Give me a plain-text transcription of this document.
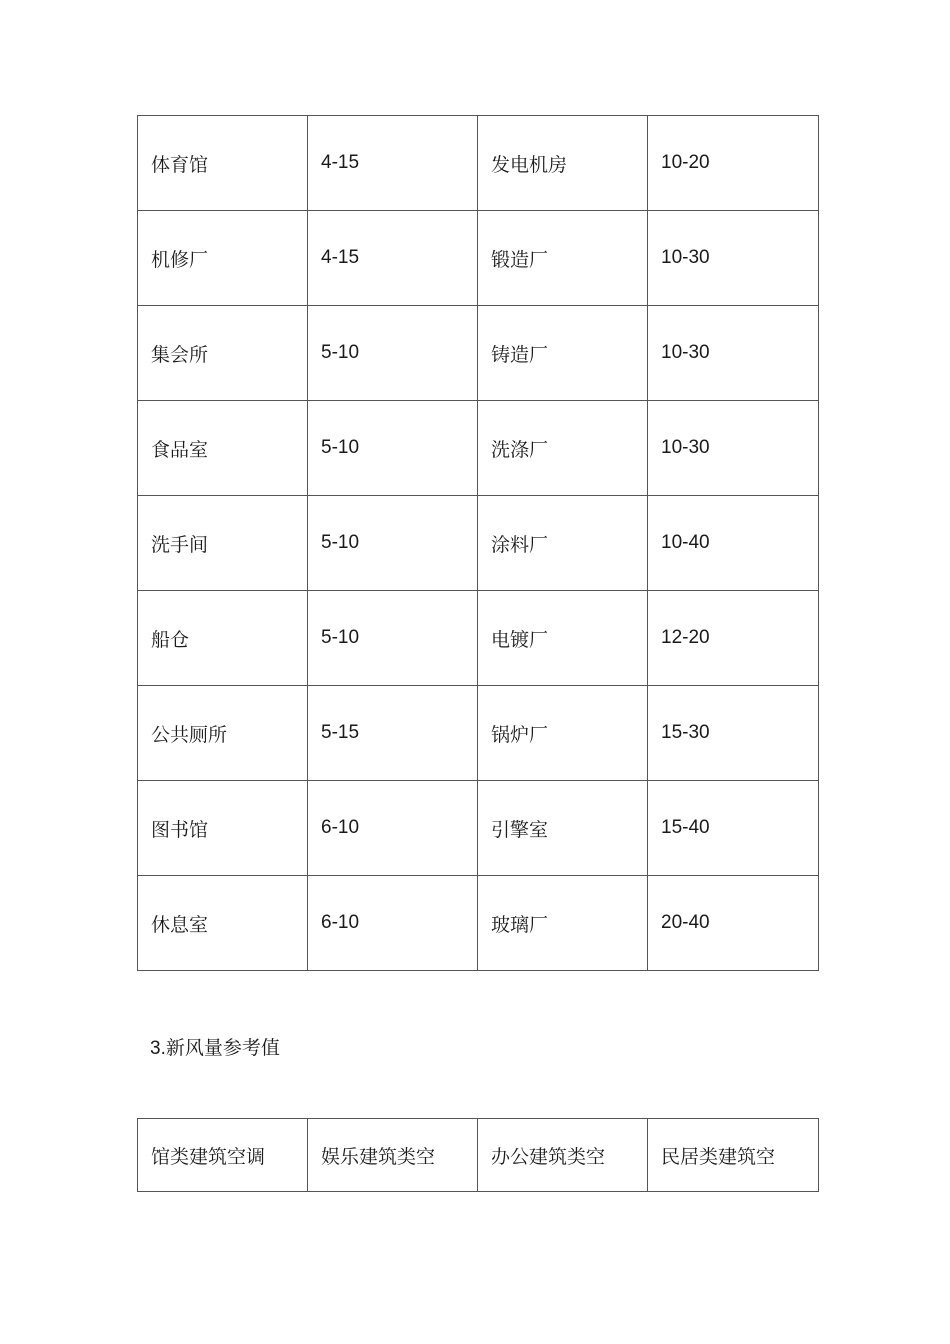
体育馆	4-15	发电机房	10-20
机修厂	4-15	锻造厂	10-30
集会所	5-10	铸造厂	10-30
食品室	5-10	洗涤厂	10-30
洗手间	5-10	涂料厂	10-40
船仓	5-10	电镀厂	12-20
公共厕所	5-15	锅炉厂	15-30
图书馆	6-10	引擎室	15-40
休息室	6-10	玻璃厂	20-40

3.新风量参考值

馆类建筑空调	娱乐建筑类空	办公建筑类空	民居类建筑空
